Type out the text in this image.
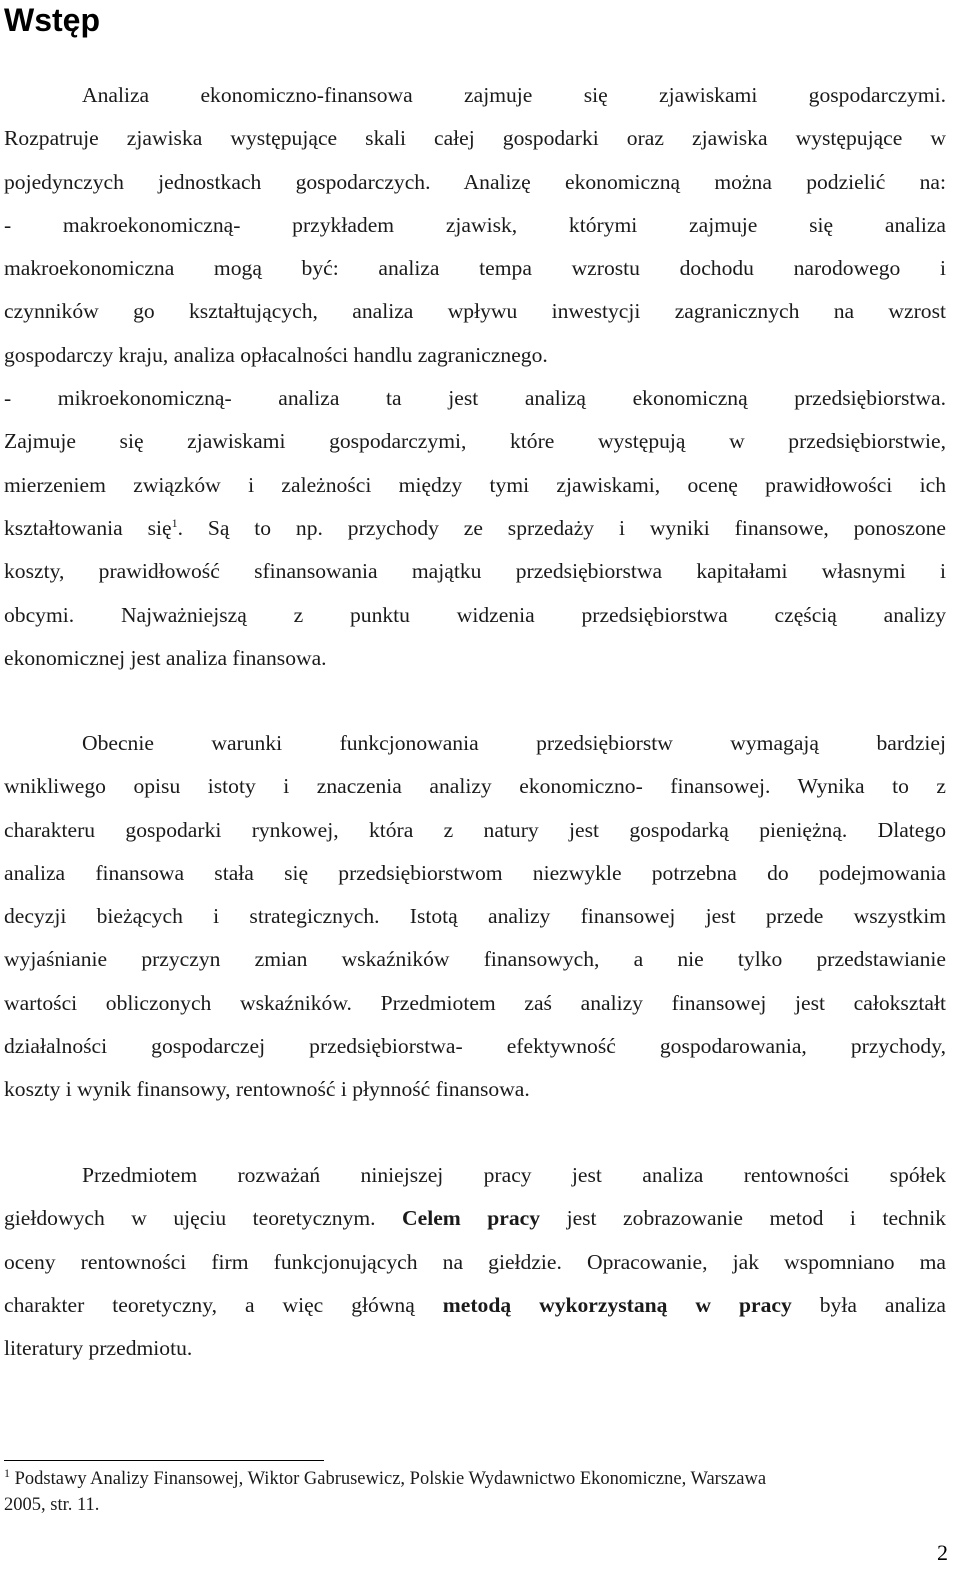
Wstęp
Analiza ekonomiczno-finansowa zajmuje się zjawiskami gospodarczymi.
Rozpatruje zjawiska występujące skali całej gospodarki oraz zjawiska występujące w
pojedynczych jednostkach gospodarczych. Analizę ekonomiczną można podzielić na:
- makroekonomiczną- przykładem zjawisk, którymi zajmuje się analiza
makroekonomiczna mogą być: analiza tempa wzrostu dochodu narodowego i
czynników go kształtujących, analiza wpływu inwestycji zagranicznych na wzrost
gospodarczy kraju, analiza opłacalności handlu zagranicznego.
- mikroekonomiczną- analiza ta jest analizą ekonomiczną przedsiębiorstwa.
Zajmuje się zjawiskami gospodarczymi, które występują w przedsiębiorstwie,
mierzeniem związków i zależności między tymi zjawiskami, ocenę prawidłowości ich
kształtowania się$^1$. Są to np. przychody ze sprzedaży i wyniki finansowe, ponoszone
koszty, prawidłowość sfinansowania majątku przedsiębiorstwa kapitałami własnymi i
obcymi. Najważniejszą z punktu widzenia przedsiębiorstwa częścią analizy
ekonomicznej jest analiza finansowa.
Obecnie warunki funkcjonowania przedsiębiorstw wymagają bardziej
wnikliwego opisu istoty i znaczenia analizy ekonomiczno- finansowej. Wynika to z
charakteru gospodarki rynkowej, która z natury jest gospodarką pieniężną. Dlatego
analiza finansowa stała się przedsiębiorstwom niezwykle potrzebna do podejmowania
decyzji bieżących i strategicznych. Istotą analizy finansowej jest przede wszystkim
wyjaśnianie przyczyn zmian wskaźników finansowych, a nie tylko przedstawianie
wartości obliczonych wskaźników. Przedmiotem zaś analizy finansowej jest całokształt
działalności gospodarczej przedsiębiorstwa- efektywność gospodarowania, przychody,
koszty i wynik finansowy, rentowność i płynność finansowa.
Przedmiotem rozważań niniejszej pracy jest analiza rentowności spółek
giełdowych w ujęciu teoretycznym. Celem pracy jest zobrazowanie metod i technik
oceny rentowności firm funkcjonujących na giełdzie. Opracowanie, jak wspomniano ma
charakter teoretyczny, a więc główną metodą wykorzystaną w pracy była analiza
literatury przedmiotu.
$^1$ Podstawy Analizy Finansowej, Wiktor Gabrusewicz, Polskie Wydawnictwo Ekonomiczne, Warszawa
2005, str. 11.
2
